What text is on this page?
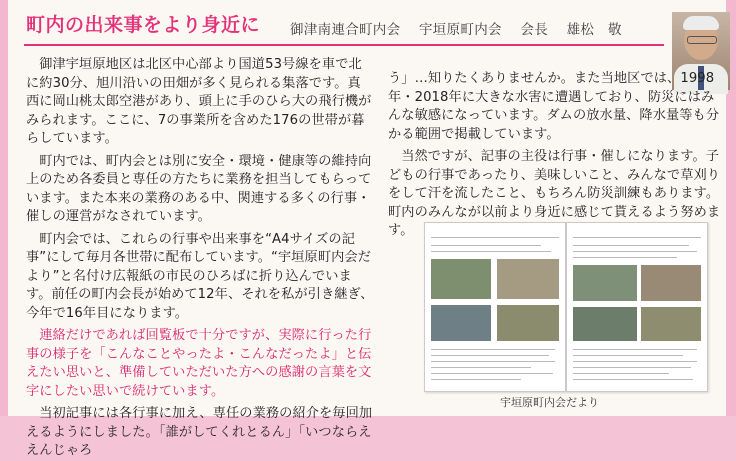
町内の出来事をより身近に 御津南連合町内会 宇垣原町内会 会長 雄松　敬

御津宇垣原地区は北区中心部より国道53号線を車で北に約30分、旭川沿いの田畑が多く見られる集落です。真西に岡山桃太郎空港があり、頭上に手のひら大の飛行機がみられます。ここに、7の事業所を含めた176の世帯が暮らしています。

町内では、町内会とは別に安全・環境・健康等の維持向上のため各委員と専任の方たちに業務を担当してもらっています。また本来の業務のある中、関連する多くの行事・催しの運営がなされています。

町内会では、これらの行事や出来事を“A4サイズの記事”にして毎月各世帯に配布しています。“宇垣原町内会だより”と名付け広報紙の市民のひろばに折り込んでいます。前任の町内会長が始めて12年、それを私が引き継ぎ、今年で16年目になります。

連絡だけであれば回覧板で十分ですが、実際に行った行事の様子を「こんなことやったよ・こんなだったよ」と伝えたい思いと、準備していただいた方への感謝の言葉を文字にしたい思いで続けています。

当初記事には各行事に加え、専任の業務の紹介を毎回加えるようにしました。「誰がしてくれとるん」「いつならええんじゃろ

う」…知りたくありませんか。また当地区では、1998年・2018年に大きな水害に遭遇しており、防災にはみんな敏感になっています。ダムの放水量、降水量等も分かる範囲で掲載しています。

当然ですが、記事の主役は行事・催しになります。子どもの行事であったり、美味しいこと、みんなで草刈りをして汗を流したこと、もちろん防災訓練もあります。町内のみんなが以前より身近に感じて貰えるよう努めます。

宇垣原町内会だより
